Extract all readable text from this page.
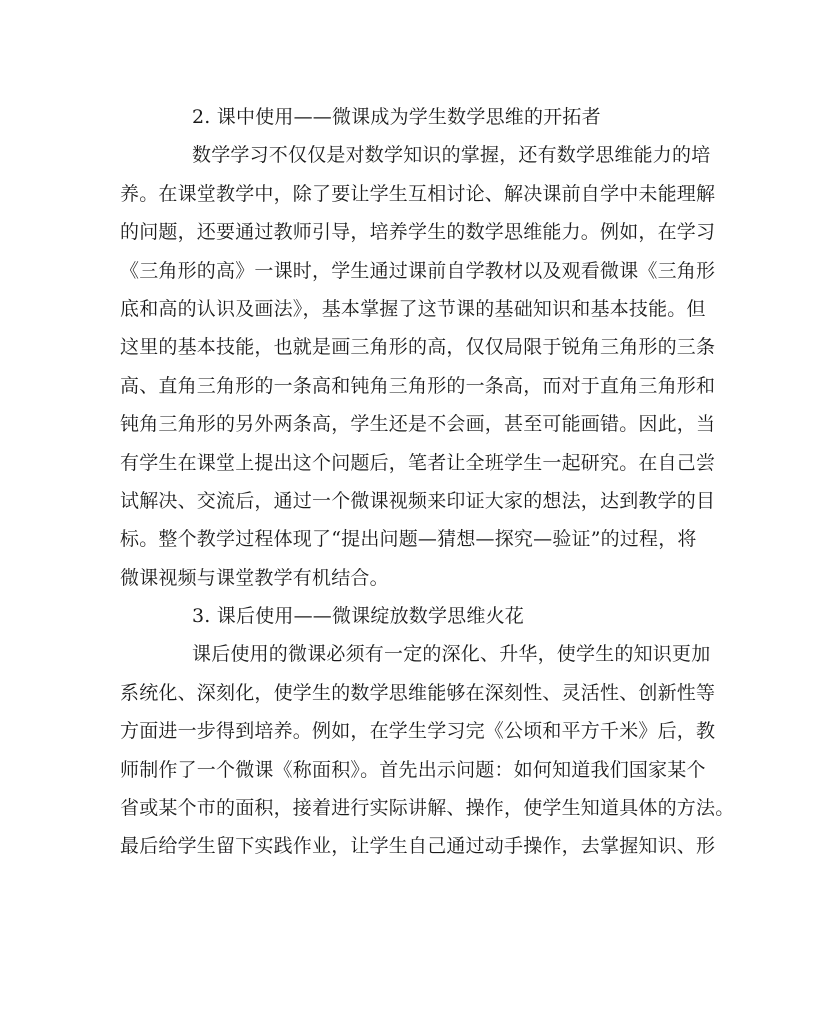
2. 课中使用——微课成为学生数学思维的开拓者
数学学习不仅仅是对数学知识的掌握，还有数学思维能力的培
养。在课堂教学中，除了要让学生互相讨论、解决课前自学中未能理解
的问题，还要通过教师引导，培养学生的数学思维能力。例如，在学习
《三角形的高》一课时，学生通过课前自学教材以及观看微课《三角形
底和高的认识及画法》，基本掌握了这节课的基础知识和基本技能。但
这里的基本技能，也就是画三角形的高，仅仅局限于锐角三角形的三条
高、直角三角形的一条高和钝角三角形的一条高，而对于直角三角形和
钝角三角形的另外两条高，学生还是不会画，甚至可能画错。因此，当
有学生在课堂上提出这个问题后，笔者让全班学生一起研究。在自己尝
试解决、交流后，通过一个微课视频来印证大家的想法，达到教学的目
标。整个教学过程体现了“提出问题—猜想—探究—验证”的过程，将
微课视频与课堂教学有机结合。
3. 课后使用——微课绽放数学思维火花
课后使用的微课必须有一定的深化、升华，使学生的知识更加
系统化、深刻化，使学生的数学思维能够在深刻性、灵活性、创新性等
方面进一步得到培养。例如，在学生学习完《公顷和平方千米》后，教
师制作了一个微课《称面积》。首先出示问题：如何知道我们国家某个
省或某个市的面积，接着进行实际讲解、操作，使学生知道具体的方法。
最后给学生留下实践作业，让学生自己通过动手操作，去掌握知识、形
